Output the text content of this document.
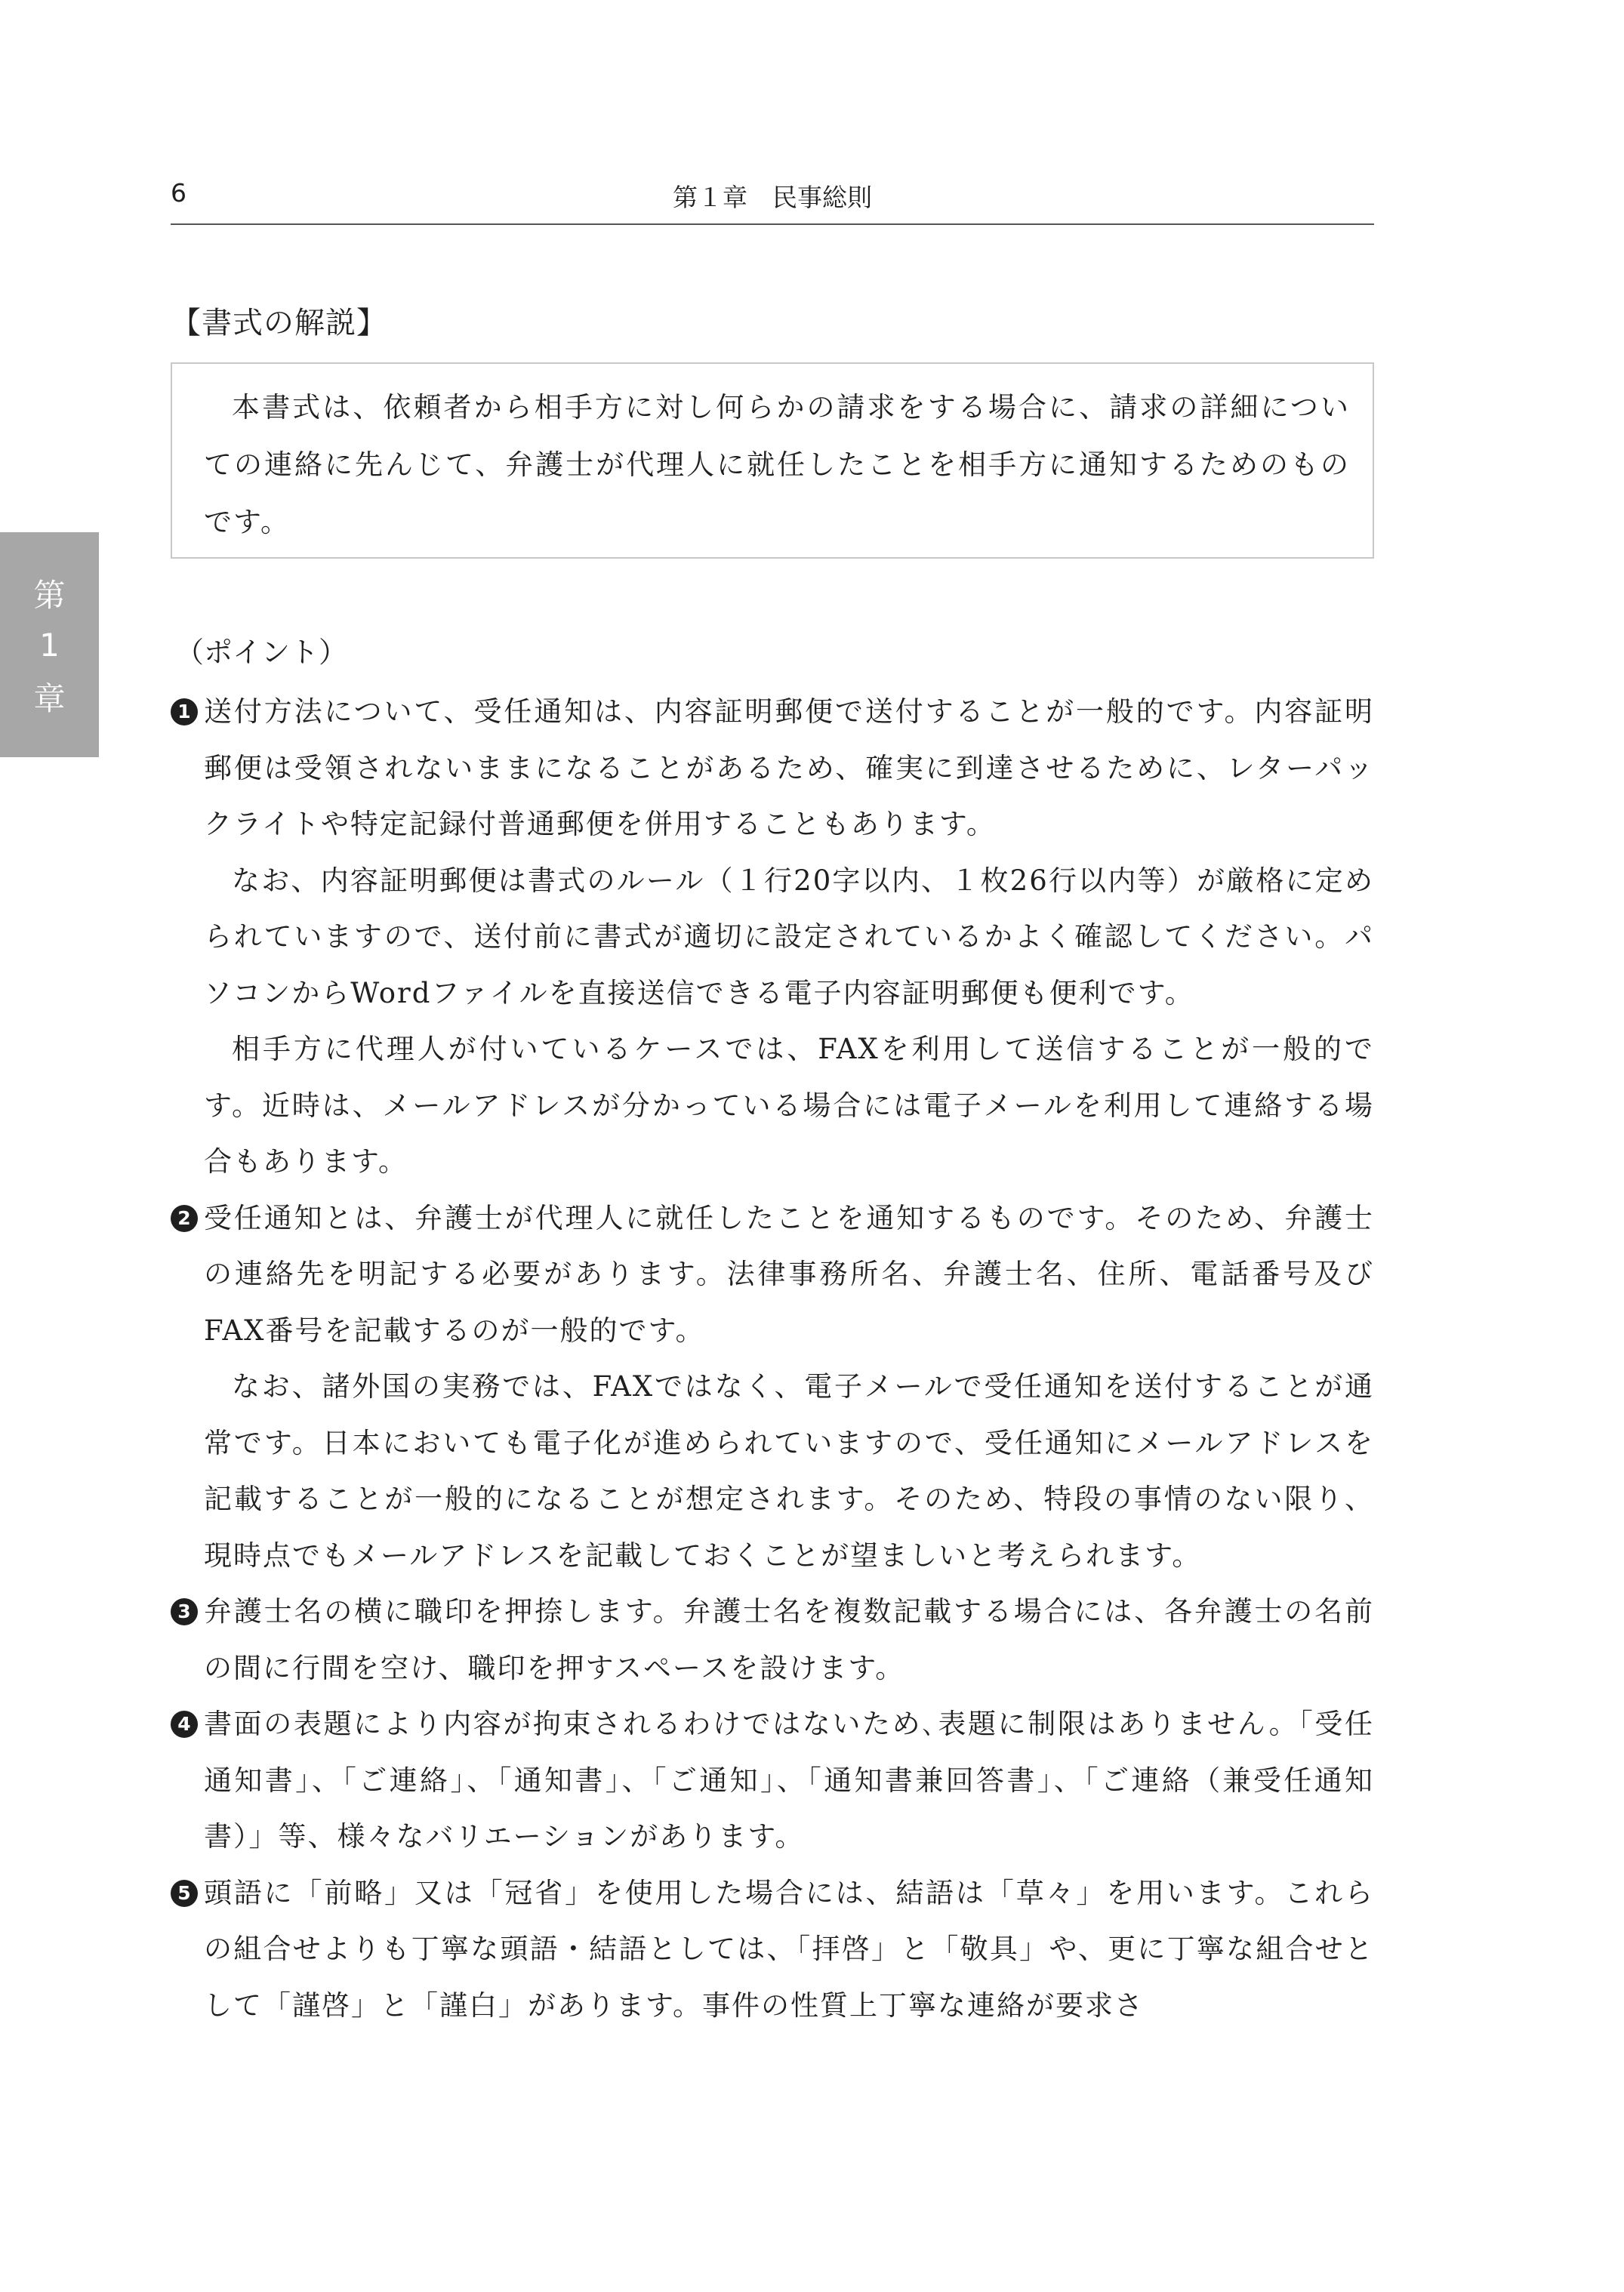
6	第１章　民事総則
第
1
章
【書式の解説】

本書式は、依頼者から相手方に対し何らかの請求をする場合に、請求の詳細についての連絡に先んじて、弁護士が代理人に就任したことを相手方に通知するためのものです。

（ポイント）
1 送付方法について、受任通知は、内容証明郵便で送付することが一般的です。内容証明郵便は受領されないままになることがあるため、確実に到達させるために、レターパックライトや特定記録付普通郵便を併用することもあります。

なお、内容証明郵便は書式のルール（１行20字以内、１枚26行以内等）が厳格に定められていますので、送付前に書式が適切に設定されているかよく確認してください。パソコンからWordファイルを直接送信できる電子内容証明郵便も便利です。

相手方に代理人が付いているケースでは、FAXを利用して送信することが一般的です。近時は、メールアドレスが分かっている場合には電子メールを利用して連絡する場合もあります。

2 受任通知とは、弁護士が代理人に就任したことを通知するものです。そのため、弁護士の連絡先を明記する必要があります。法律事務所名、弁護士名、住所、電話番号及びFAX番号を記載するのが一般的です。

なお、諸外国の実務では、FAXではなく、電子メールで受任通知を送付することが通常です。日本においても電子化が進められていますので、受任通知にメールアドレスを記載することが一般的になることが想定されます。そのため、特段の事情のない限り、現時点でもメールアドレスを記載しておくことが望ましいと考えられます。

3 弁護士名の横に職印を押捺します。弁護士名を複数記載する場合には、各弁護士の名前の間に行間を空け、職印を押すスペースを設けます。

4 書面の表題により内容が拘束されるわけではないため､表題に制限はありません。「受任通知書」、「ご連絡」、「通知書」、「ご通知」、「通知書兼回答書」、「ご連絡（兼受任通知書）」等、様々なバリエーションがあります。

5 頭語に「前略」又は「冠省」を使用した場合には、結語は「草々」を用います。これらの組合せよりも丁寧な頭語・結語としては、「拝啓」と「敬具」や、更に丁寧な組合せとして「謹啓」と「謹白」があります。事件の性質上丁寧な連絡が要求さ
